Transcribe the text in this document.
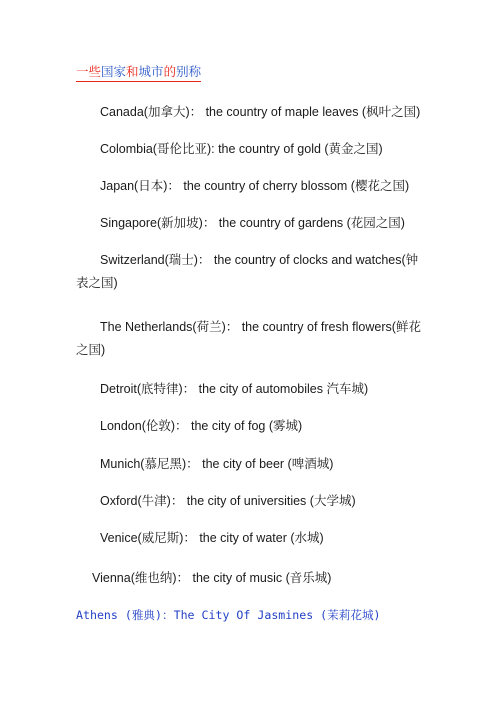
一些国家和城市的别称
Canada(加拿大)： the country of maple leaves (枫叶之国)
Colombia(哥伦比亚): the country of gold (黄金之国)
Japan(日本)： the country of cherry blossom (樱花之国)
Singapore(新加坡)： the country of gardens (花园之国)
Switzerland(瑞士)： the country of clocks and watches(钟表之国)
The Netherlands(荷兰)： the country of fresh flowers(鲜花之国)
Detroit(底特律)： the city of automobiles 汽车城)
London(伦敦)： the city of fog (雾城)
Munich(慕尼黑)： the city of beer (啤酒城)
Oxford(牛津)： the city of universities (大学城)
Venice(威尼斯)： the city of water (水城)
Vienna(维也纳)： the city of music (音乐城)
Athens (雅典)：The City Of Jasmines (茉莉花城)
